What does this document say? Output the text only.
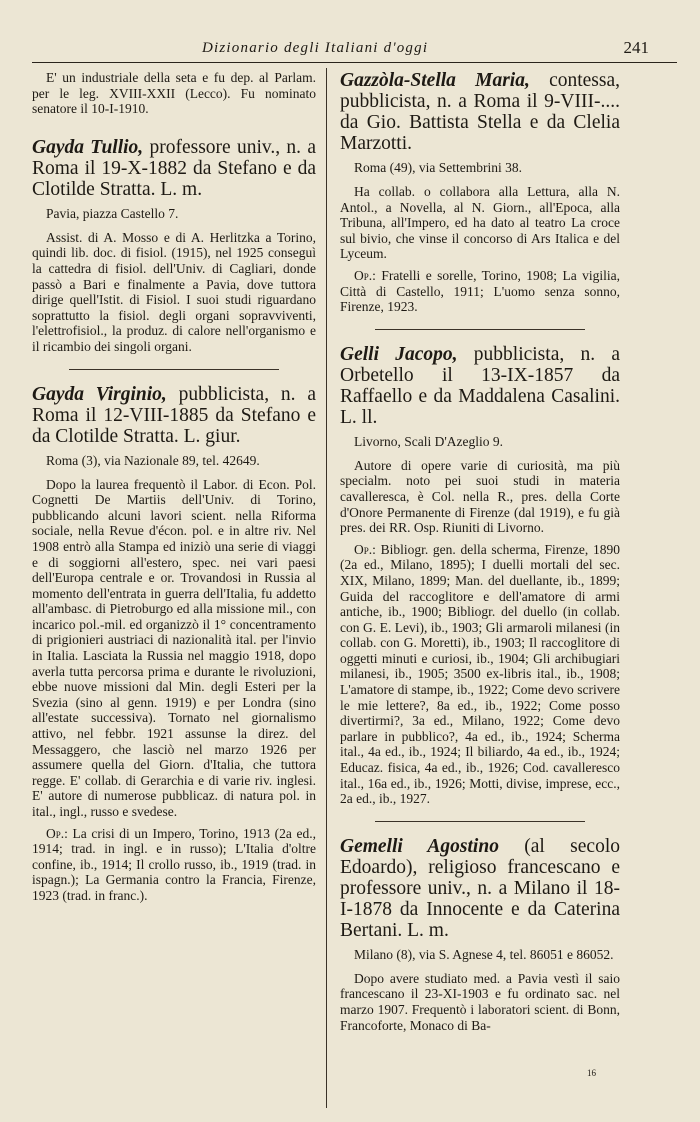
Dizionario degli Italiani d'oggi	241

E' un industriale della seta e fu dep. al Parlam. per le leg. XVIII-XXII (Lecco). Fu nominato senatore il 10-I-1910.

Gayda Tullio, professore univ., n. a Roma il 19-X-1882 da Stefano e da Clotilde Stratta. L. m.

Pavia, piazza Castello 7.

Assist. di A. Mosso e di A. Herlitzka a Torino, quindi lib. doc. di fisiol. (1915), nel 1925 conseguì la cattedra di fisiol. dell'Univ. di Cagliari, donde passò a Bari e finalmente a Pavia, dove tuttora dirige quell'Istit. di Fisiol. I suoi studi riguardano soprattutto la fisiol. degli organi sopravviventi, l'elettrofisiol., la produz. di calore nell'organismo e il ricambio dei singoli organi.

Gayda Virginio, pubblicista, n. a Roma il 12-VIII-1885 da Stefano e da Clotilde Stratta. L. giur.

Roma (3), via Nazionale 89, tel. 42649.

Dopo la laurea frequentò il Labor. di Econ. Pol. Cognetti De Martiis dell'Univ. di Torino, pubblicando alcuni lavori scient. nella Riforma sociale, nella Revue d'écon. pol. e in altre riv. Nel 1908 entrò alla Stampa ed iniziò una serie di viaggi e di soggiorni all'estero, spec. nei vari paesi dell'Europa centrale e or. Trovandosi in Russia al momento dell'entrata in guerra dell'Italia, fu addetto all'ambasc. di Pietroburgo ed alla missione mil., con incarico pol.-mil. ed organizzò il 1° concentramento di prigionieri austriaci di nazionalità ital. per l'invio in Italia. Lasciata la Russia nel maggio 1918, dopo averla tutta percorsa prima e durante le rivoluzioni, ebbe nuove missioni dal Min. degli Esteri per la Svezia (sino al genn. 1919) e per Londra (sino all'estate successiva). Tornato nel giornalismo attivo, nel febbr. 1921 assunse la direz. del Messaggero, che lasciò nel marzo 1926 per assumere quella del Giorn. d'Italia, che tuttora regge. E' collab. di Gerarchia e di varie riv. inglesi. E' autore di numerose pubblicaz. di natura pol. in ital., ingl., russo e svedese.

Op.: La crisi di un Impero, Torino, 1913 (2a ed., 1914; trad. in ingl. e in russo); L'Italia d'oltre confine, ib., 1914; Il crollo russo, ib., 1919 (trad. in ispagn.); La Germania contro la Francia, Firenze, 1923 (trad. in franc.).

Gazzòla-Stella Maria, contessa, pubblicista, n. a Roma il 9-VIII-.... da Gio. Battista Stella e da Clelia Marzotti.

Roma (49), via Settembrini 38.

Ha collab. o collabora alla Lettura, alla N. Antol., a Novella, al N. Giorn., all'Epoca, alla Tribuna, all'Impero, ed ha dato al teatro La croce sul bivio, che vinse il concorso di Ars Italica e del Lyceum.

Op.: Fratelli e sorelle, Torino, 1908; La vigilia, Città di Castello, 1911; L'uomo senza sonno, Firenze, 1923.

Gelli Jacopo, pubblicista, n. a Orbetello il 13-IX-1857 da Raffaello e da Maddalena Casalini. L. ll.

Livorno, Scali D'Azeglio 9.

Autore di opere varie di curiosità, ma più specialm. noto pei suoi studi in materia cavalleresca, è Col. nella R., pres. della Corte d'Onore Permanente di Firenze (dal 1919), e fu già pres. dei RR. Osp. Riuniti di Livorno.

Op.: Bibliogr. gen. della scherma, Firenze, 1890 (2a ed., Milano, 1895); I duelli mortali del sec. XIX, Milano, 1899; Man. del duellante, ib., 1899; Guida del raccoglitore e dell'amatore di armi antiche, ib., 1900; Bibliogr. del duello (in collab. con G. E. Levi), ib., 1903; Gli armaroli milanesi (in collab. con G. Moretti), ib., 1903; Il raccoglitore di oggetti minuti e curiosi, ib., 1904; Gli archibugiari milanesi, ib., 1905; 3500 ex-libris ital., ib., 1908; L'amatore di stampe, ib., 1922; Come devo scrivere le mie lettere?, 8a ed., ib., 1922; Come posso divertirmi?, 3a ed., Milano, 1922; Come devo parlare in pubblico?, 4a ed., ib., 1924; Scherma ital., 4a ed., ib., 1924; Il biliardo, 4a ed., ib., 1924; Educaz. fisica, 4a ed., ib., 1926; Cod. cavalleresco ital., 16a ed., ib., 1926; Motti, divise, imprese, ecc., 2a ed., ib., 1927.

Gemelli Agostino (al secolo Edoardo), religioso francescano e professore univ., n. a Milano il 18-I-1878 da Innocente e da Caterina Bertani. L. m.

Milano (8), via S. Agnese 4, tel. 86051 e 86052.

Dopo avere studiato med. a Pavia vestì il saio francescano il 23-XI-1903 e fu ordinato sac. nel marzo 1907. Frequentò i laboratori scient. di Bonn, Francoforte, Monaco di Ba-

16
